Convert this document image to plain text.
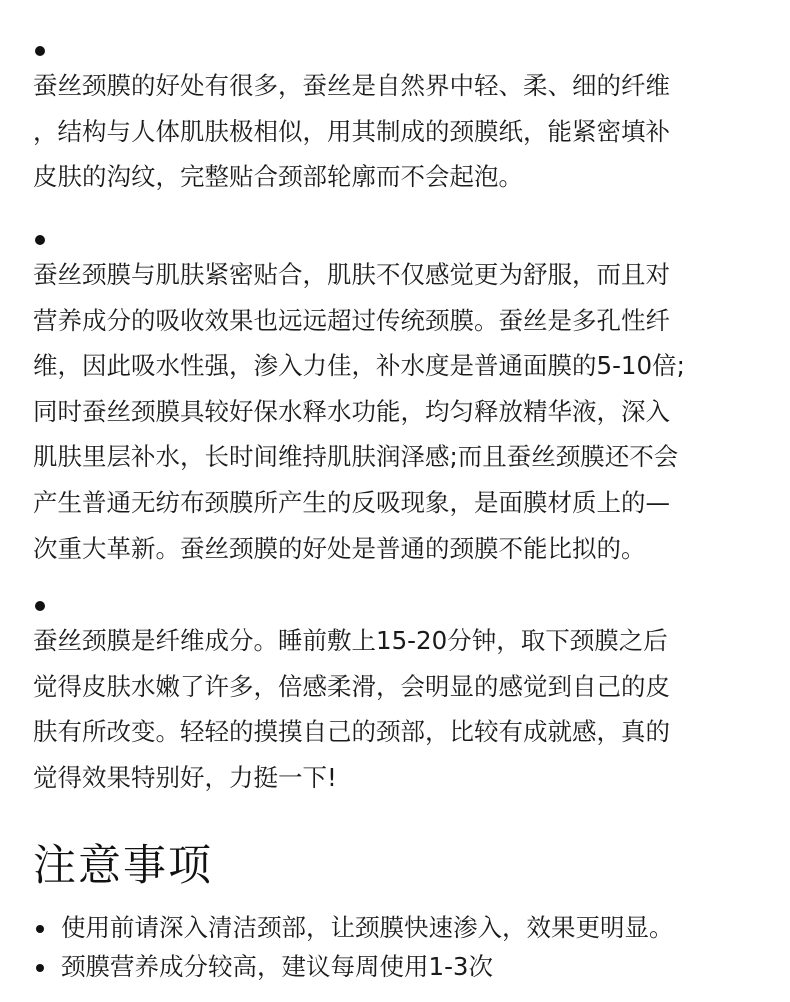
蚕丝颈膜的好处有很多，蚕丝是自然界中轻、柔、细的纤维
，结构与人体肌肤极相似，用其制成的颈膜纸，能紧密填补
皮肤的沟纹，完整贴合颈部轮廓而不会起泡。

蚕丝颈膜与肌肤紧密贴合，肌肤不仅感觉更为舒服，而且对
营养成分的吸收效果也远远超过传统颈膜。蚕丝是多孔性纤
维，因此吸水性强，渗入力佳，补水度是普通面膜的5-10倍;
同时蚕丝颈膜具较好保水释水功能，均匀释放精华液，深入
肌肤里层补水，长时间维持肌肤润泽感;而且蚕丝颈膜还不会
产生普通无纺布颈膜所产生的反吸现象，是面膜材质上的—
次重大革新。蚕丝颈膜的好处是普通的颈膜不能比拟的。

蚕丝颈膜是纤维成分。睡前敷上15-20分钟，取下颈膜之后
觉得皮肤水嫩了许多，倍感柔滑，会明显的感觉到自己的皮
肤有所改变。轻轻的摸摸自己的颈部，比较有成就感，真的
觉得效果特别好，力挺一下!

注意事项
使用前请深入清洁颈部，让颈膜快速渗入，效果更明显。
颈膜营养成分较高，建议每周使用1-3次
